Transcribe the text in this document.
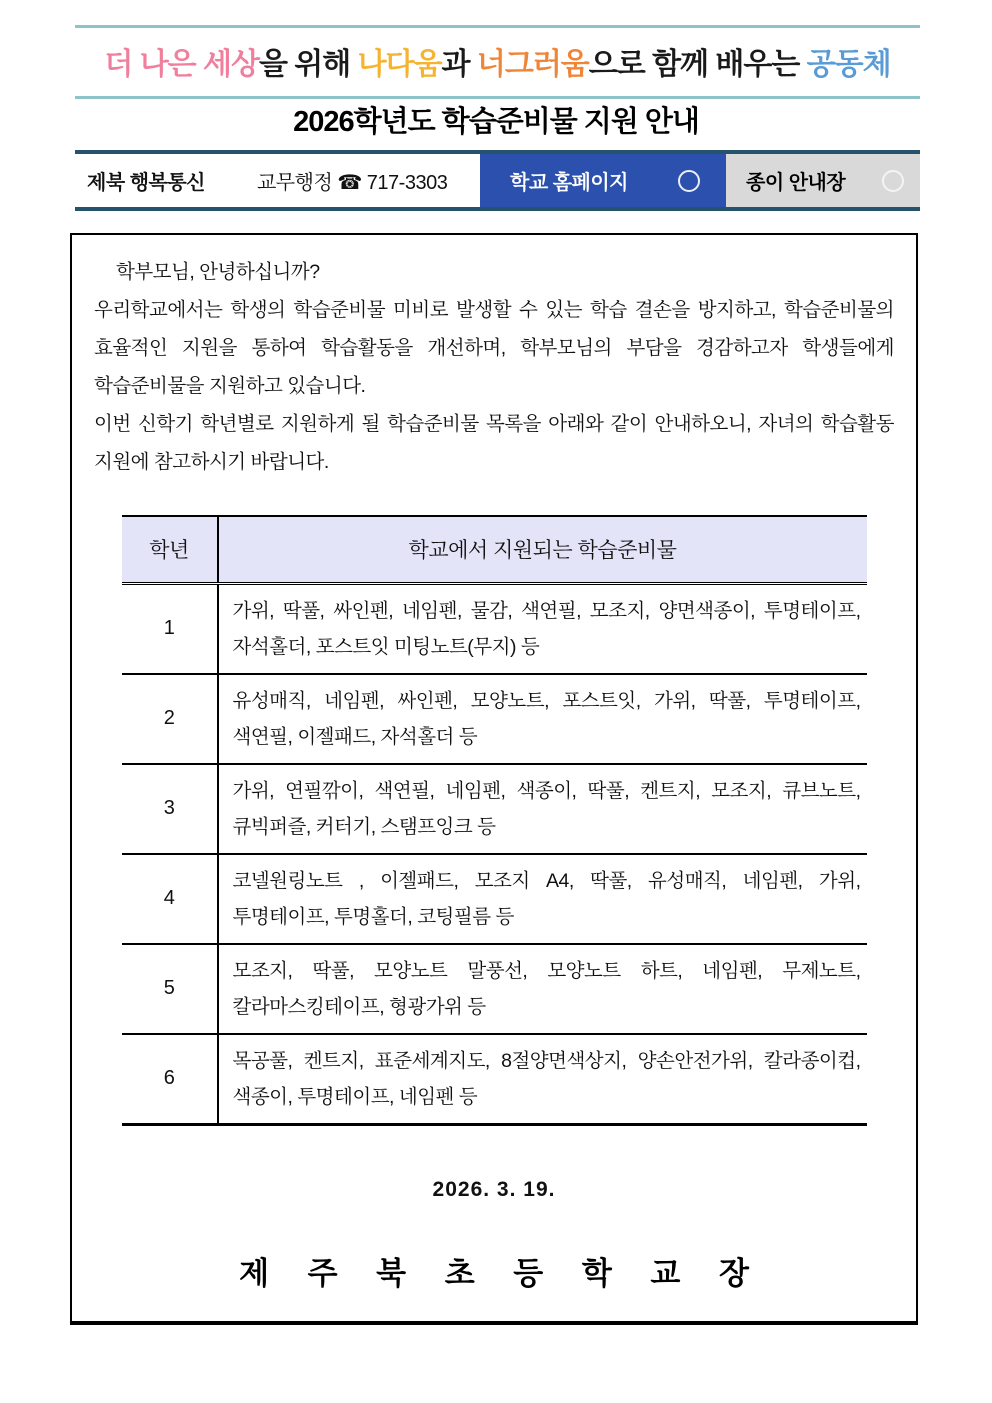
더 나은 세상을 위해 나다움과 너그러움으로 함께 배우는 공동체
2026학년도 학습준비물 지원 안내
제북 행복통신	교무행정 ☎ 717-3303	학교 홈페이지	종이 안내장

학부모님, 안녕하십니까?

우리학교에서는 학생의 학습준비물 미비로 발생할 수 있는 학습 결손을 방지하고, 학습준비물의 효율적인 지원을 통하여 학습활동을 개선하며, 학부모님의 부담을 경감하고자 학생들에게 학습준비물을 지원하고 있습니다.

이번 신학기 학년별로 지원하게 될 학습준비물 목록을 아래와 같이 안내하오니, 자녀의 학습활동 지원에 참고하시기 바랍니다.

학년	학교에서 지원되는 학습준비물
1	가위, 딱풀, 싸인펜, 네임펜, 물감, 색연필, 모조지, 양면색종이, 투명테이프, 자석홀더, 포스트잇 미팅노트(무지) 등
2	유성매직, 네임펜, 싸인펜, 모양노트, 포스트잇, 가위, 딱풀, 투명테이프, 색연필, 이젤패드, 자석홀더 등
3	가위, 연필깎이, 색연필, 네임펜, 색종이, 딱풀, 켄트지, 모조지, 큐브노트, 큐빅퍼즐, 커터기, 스탬프잉크 등
4	코넬원링노트 , 이젤패드, 모조지 A4, 딱풀, 유성매직, 네임펜, 가위, 투명테이프, 투명홀더, 코팅필름 등
5	모조지, 딱풀, 모양노트 말풍선, 모양노트 하트, 네임펜, 무제노트, 칼라마스킹테이프, 형광가위 등
6	목공풀, 켄트지, 표준세계지도, 8절양면색상지, 양손안전가위, 칼라종이컵, 색종이, 투명테이프, 네임펜 등
2026. 3. 19.
제 주 북 초 등 학 교 장
